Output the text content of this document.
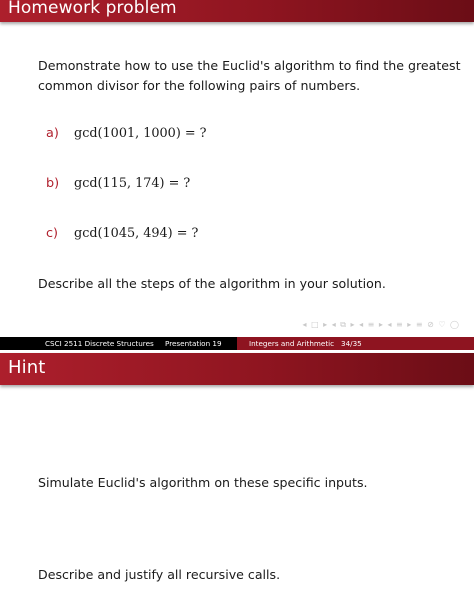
Homework problem
Demonstrate how to use the Euclid's algorithm to find the greatest
common divisor for the following pairs of numbers.
a) gcd(1001, 1000) = ?
b) gcd(115, 174) = ?
c) gcd(1045, 494) = ?
Describe all the steps of the algorithm in your solution.
◂ □ ▸ ◂ ⧉ ▸ ◂ ≡ ▸ ◂ ≡ ▸ ≡ ⊘ ♡ ◯
CSCI 2511 Discrete Structures	Presentation 19	Integers and Arithmetic 34/35
Hint
Simulate Euclid's algorithm on these specific inputs.
Describe and justify all recursive calls.
